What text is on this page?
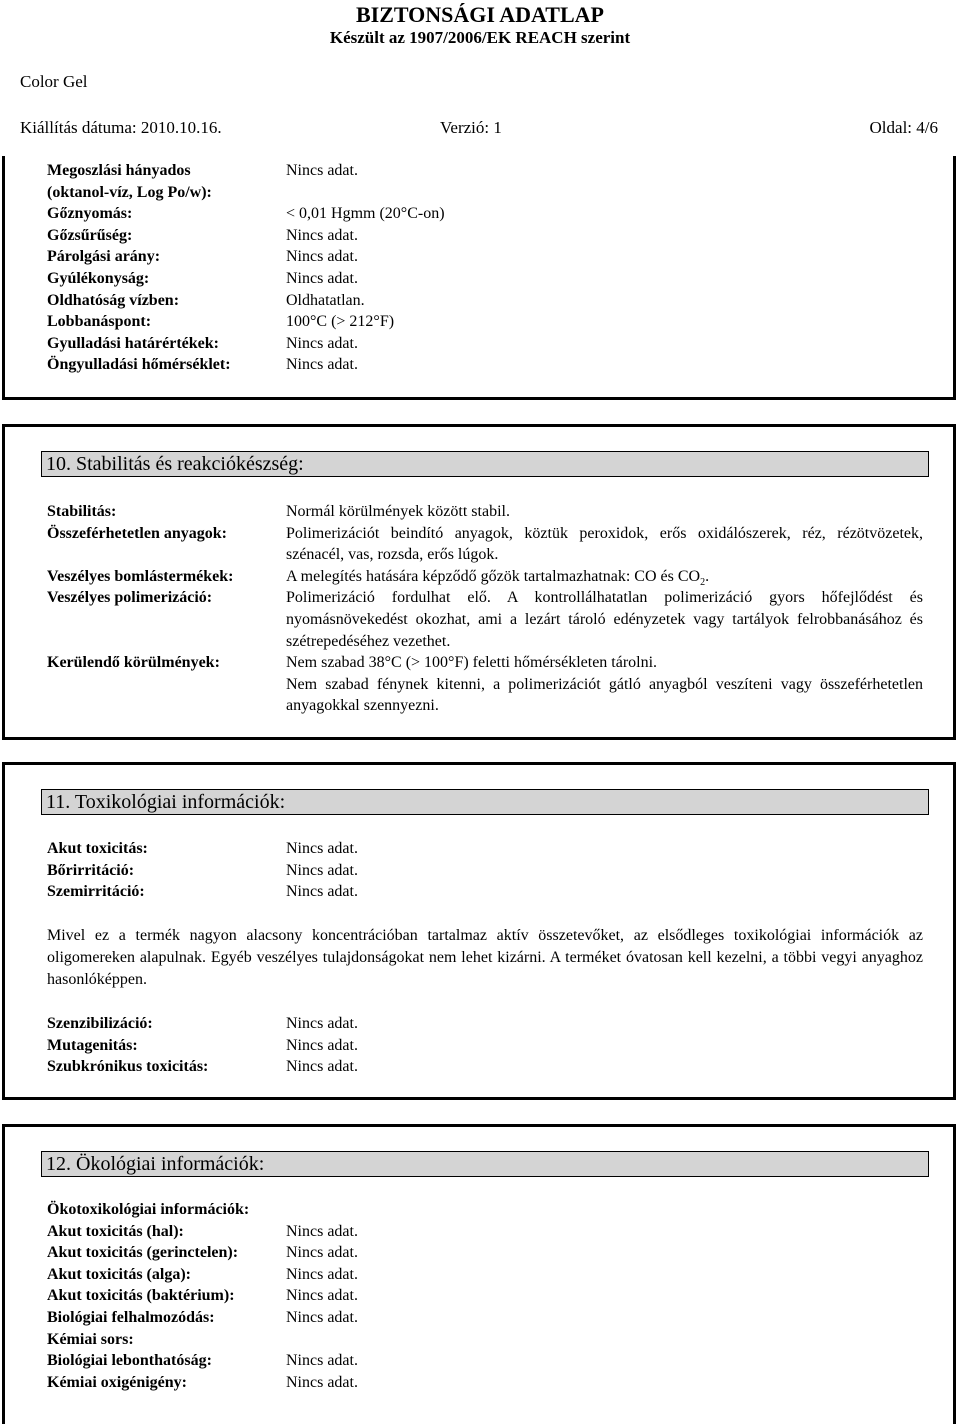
BIZTONSÁGI ADATLAP
Készült az 1907/2006/EK REACH szerint
Color Gel
Kiállítás dátuma: 2010.10.16.	Verzió: 1	Oldal: 4/6
Megoszlási hányados	Nincs adat.
(oktanol-víz, Log Po/w):
Gőznyomás:	< 0,01 Hgmm (20°C-on)
Gőzsűrűség:	Nincs adat.
Párolgási arány:	Nincs adat.
Gyúlékonyság:	Nincs adat.
Oldhatóság vízben:	Oldhatatlan.
Lobbanáspont:	100°C (> 212°F)
Gyulladási határértékek:	Nincs adat.
Öngyulladási hőmérséklet:	Nincs adat.
10. Stabilitás és reakciókészség:
Stabilitás:	Normál körülmények között stabil.
Összeférhetetlen anyagok:	Polimerizációt beindító anyagok, köztük peroxidok, erős oxidálószerek, réz, rézötvözetek, szénacél, vas, rozsda, erős lúgok.
Veszélyes bomlástermékek:	A melegítés hatására képződő gőzök tartalmazhatnak: CO és $CO_2$.
Veszélyes polimerizáció:	Polimerizáció fordulhat elő. A kontrollálhatatlan polimerizáció gyors hőfejlődést és nyomásnövekedést okozhat, ami a lezárt tároló edényzetek vagy tartályok felrobbanásához és szétrepedéséhez vezethet.
Kerülendő körülmények:	Nem szabad 38°C (> 100°F) feletti hőmérsékleten tárolni.
Nem szabad fénynek kitenni, a polimerizációt gátló anyagból veszíteni vagy összeférhetetlen anyagokkal szennyezni.
11. Toxikológiai információk:
Akut toxicitás:	Nincs adat.
Bőrirritáció:	Nincs adat.
Szemirritáció:	Nincs adat.
Mivel ez a termék nagyon alacsony koncentrációban tartalmaz aktív összetevőket, az elsődleges toxikológiai információk az oligomereken alapulnak. Egyéb veszélyes tulajdonságokat nem lehet kizárni. A terméket óvatosan kell kezelni, a többi vegyi anyaghoz hasonlóképpen.
Szenzibilizáció:	Nincs adat.
Mutagenitás:	Nincs adat.
Szubkrónikus toxicitás:	Nincs adat.
12. Ökológiai információk:
Ökotoxikológiai információk:
Akut toxicitás (hal):	Nincs adat.
Akut toxicitás (gerinctelen):	Nincs adat.
Akut toxicitás (alga):	Nincs adat.
Akut toxicitás (baktérium):	Nincs adat.
Biológiai felhalmozódás:	Nincs adat.
Kémiai sors:
Biológiai lebonthatóság:	Nincs adat.
Kémiai oxigénigény:	Nincs adat.
